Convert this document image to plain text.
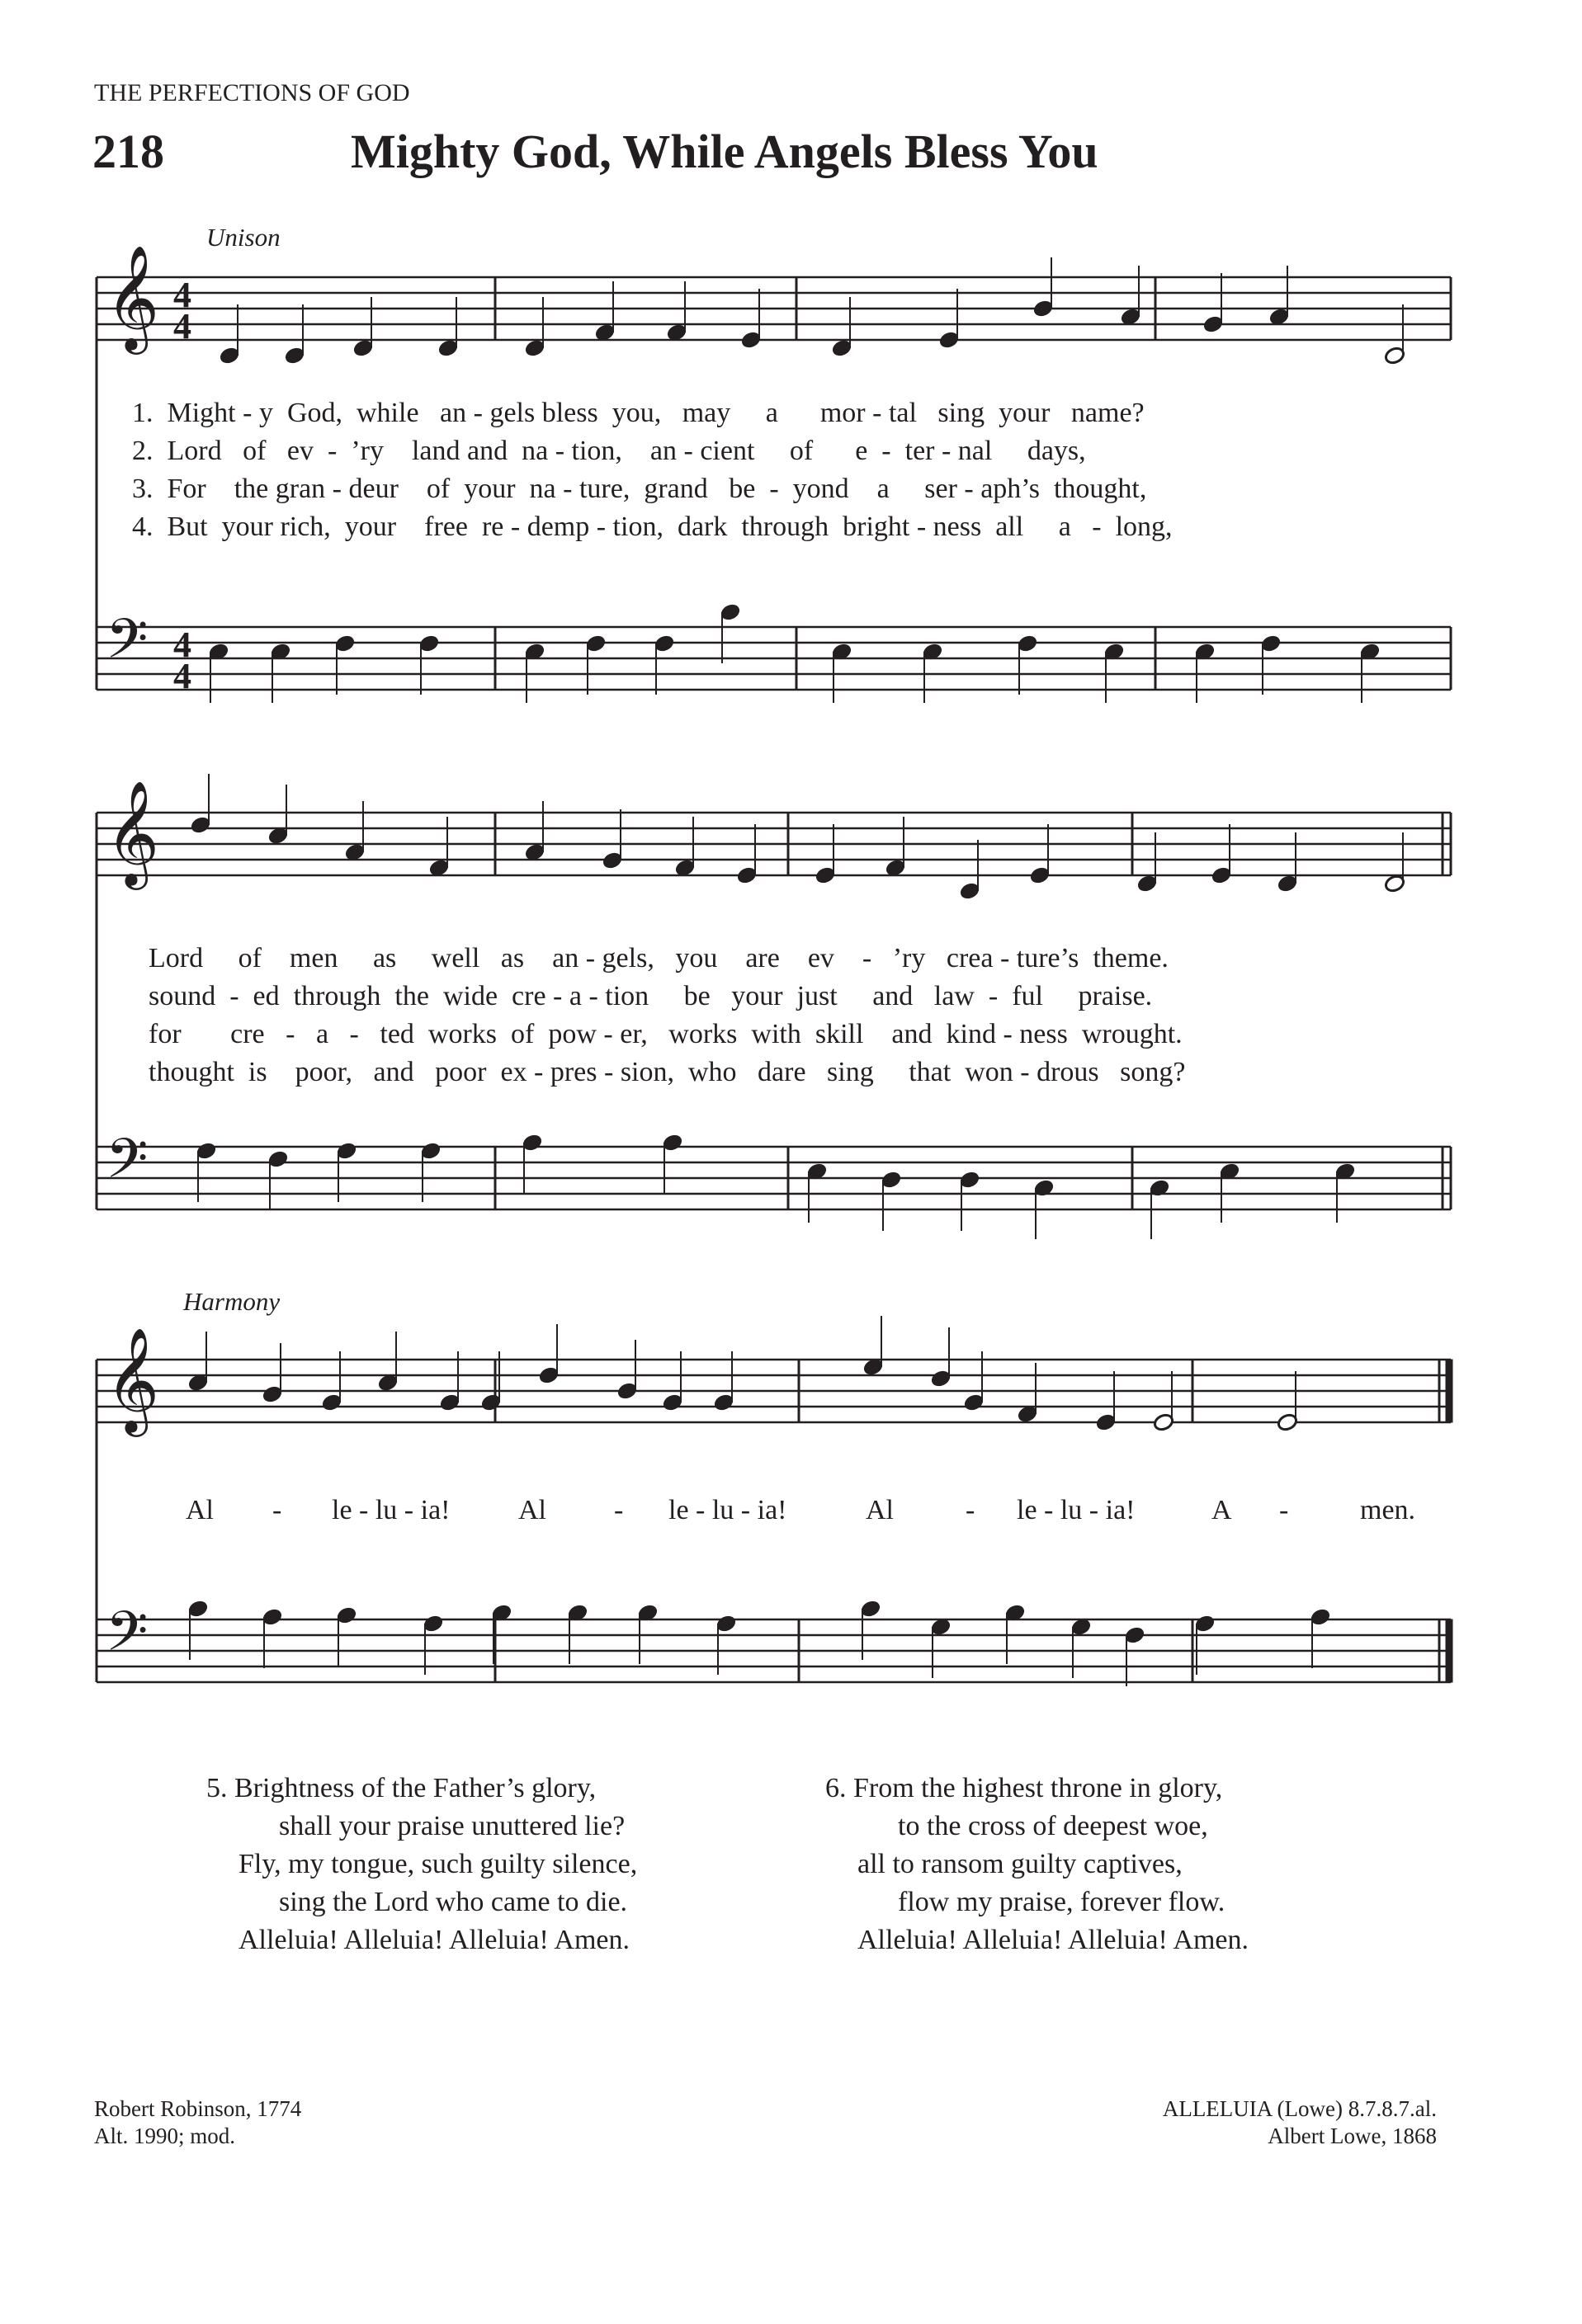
THE PERFECTIONS OF GOD
218	Mighty God, While Angels Bless You
Unison
Harmony
𝄞
𝄢
4
4
4
4
𝄞
𝄢
𝄞
𝄢
1.  Might - y  God,  while   an - gels bless  you,   may     a      mor - tal   sing  your   name?
2.  Lord   of   ev  -  ’ry    land and  na - tion,    an - cient     of      e  -  ter - nal     days,
3.  For    the gran - deur    of  your  na - ture,  grand   be  -  yond    a     ser - aph’s  thought,
4.  But  your rich,  your    free  re - demp - tion,  dark  through  bright - ness  all     a   -  long,
Lord     of    men     as     well   as    an - gels,   you    are    ev    -   ’ry   crea - ture’s  theme.
sound  -  ed  through  the  wide  cre - a - tion     be   your  just     and   law  -  ful     praise.
for       cre   -   a   -   ted  works  of  pow - er,   works  with  skill    and  kind - ness  wrought.
thought  is    poor,   and   poor  ex - pres - sion,  who   dare   sing     that  won - drous   song?
Al - le - lu - ia! Al - le - lu - ia!	Al	- le - lu - ia!	A -	men.
5. Brightness of the Father’s glory,
shall your praise unuttered lie?
Fly, my tongue, such guilty silence,
sing the Lord who came to die.
Alleluia! Alleluia! Alleluia! Amen.
6. From the highest throne in glory,
to the cross of deepest woe,
all to ransom guilty captives,
flow my praise, forever flow.
Alleluia! Alleluia! Alleluia! Amen.
Robert Robinson, 1774
Alt. 1990; mod.
ALLELUIA (Lowe) 8.7.8.7.al.
Albert Lowe, 1868
